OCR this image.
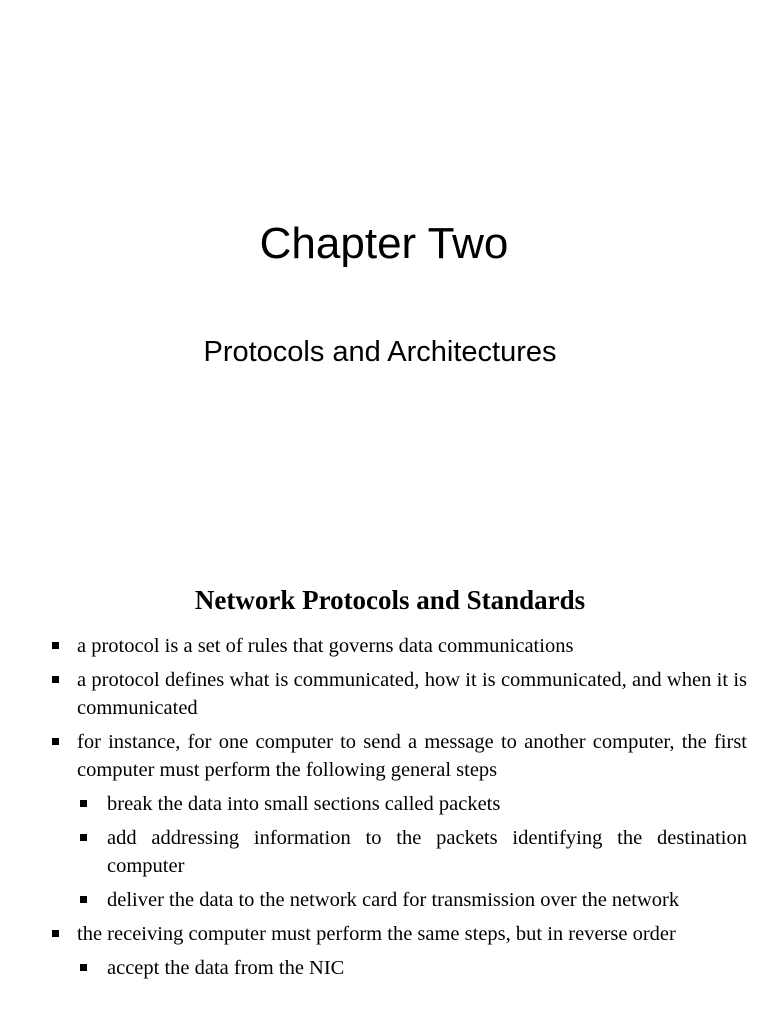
Chapter Two
Protocols and Architectures
Network Protocols and Standards
a protocol is a set of rules that governs data communications
a protocol defines what is communicated, how it is communicated, and when it is communicated
for instance, for one computer to send a message to another computer, the first computer must perform the following general steps
break the data into small sections called packets
add addressing information to the packets identifying the destination computer
deliver the data to the network card for transmission over the network
the receiving computer must perform the same steps, but in reverse order
accept the data from the NIC
